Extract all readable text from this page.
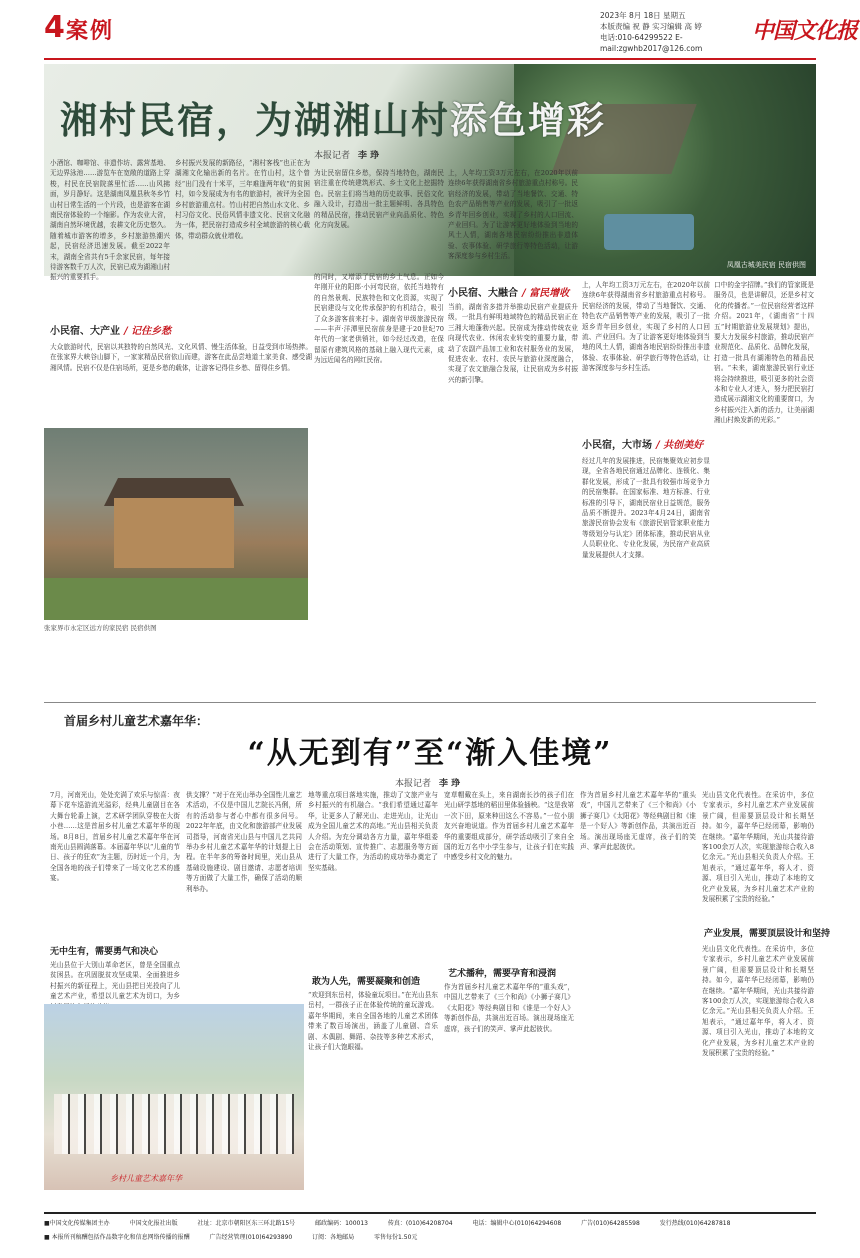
4 案例
2023年 8月 18日 星期五
本版责编 祝 静 实习编辑 高 婷
电话:010-64299522 E-mail:zgwhb2017@126.com
中国文化报
凤凰古城美民宿 民宿供图
湘村民宿，为湖湘山村添色增彩
本报记者 李 琤
小酒馆、咖啡馆、非遗作坊、露营基地、无边界泳池……游览车在宽敞的道路上穿梭，村民在民宿院落里忙活……山风拂面，岁月静好。这是湖南凤凰县秋冬乡竹山村日常生活的一个片段，也是游客在湖南民宿体验的一个缩影。作为农业大省，湖南自然环境优越，农耕文化历史悠久。随着城市游客的增多，乡村旅游热潮兴起，民宿经济迅速发展。截至2022年末，湖南全省共有5千余家民宿，每年接待游客数千万人次，民宿已成为湖湘山村振兴的重要抓手。
小民宿、大产业 / 记住乡愁
大众旅游时代，民宿以其独特的自然风光、文化风情、慢生活体验，日益受到市场热捧。在张家界大峡谷山脚下，一家家精品民宿依山而建，游客在此品尝地道土家美食、感受湖湘风情。民宿不仅是住宿场所，更是乡愁的载体，让游客记得住乡愁、留得住乡情。
乡村振兴发展的新路径，“湘村客栈”也正在为湖湘文化输出新的名片。在竹山村，这个曾经“出门没有十米平，三年难逢两年收”的贫困村，如今发展成为有名的旅游村，被评为全国乡村旅游重点村。竹山村把自然山水文化、乡村习俗文化、民俗风情非遗文化、民宿文化融为一体，把民宿打造成乡村全域旅游的核心载体，带动群众就业增收。
张家界市永定区远方的家民宿 民宿供图
为让民宿留住乡愁，保持当地特色，湖南民宿注重在传统建筑形式、乡土文化上挖掘特色。民宿主们将当地的历史故事、民俗文化融入设计，打造出一批主题鲜明、各具特色的精品民宿，推动民宿产业向品质化、特色化方向发展。
的同时，又增添了民宿的乡土气息。正如今年刚开业的阳郎·小河弯民宿，依托当地特有的自然景观、民族特色和文化资源，实现了民宿建设与文化传承保护的有机结合，吸引了众多游客前来打卡。湖南省甲级旅游民宿——丰声·洋潭里民宿前身是建于20世纪70年代的一家老供销社，如今经过改造，在保留原有建筑风格的基础上融入现代元素，成为远近闻名的网红民宿。
小民宿、大融合 / 富民增收
上，人年均工资3万元左右，在2020年以前连续6年获得湖南省乡村旅游重点村称号。民宿经济的发展，带动了当地餐饮、交通、特色农产品销售等产业的发展，吸引了一批返乡青年回乡创业，实现了乡村的人口回流、产业回归。为了让游客更好地体验到当地的风土人情，湖南各地民宿纷纷推出非遗体验、农事体验、研学旅行等特色活动，让游客深度参与乡村生活。
当前，湖南省多措并举推动民宿产业提质升级，一批具有鲜明地域特色的精品民宿正在三湘大地蓬勃兴起。民宿成为推动传统农业向现代农业、休闲农业转变的重要力量，带动了农副产品加工业和农村服务业的发展，促进农业、农村、农民与旅游业深度融合，实现了农文旅融合发展，让民宿成为乡村振兴的新引擎。
小民宿，大市场 / 共创美好
上，人年均工资3万元左右，在2020年以前连续6年获得湖南省乡村旅游重点村称号。民宿经济的发展，带动了当地餐饮、交通、特色农产品销售等产业的发展，吸引了一批返乡青年回乡创业，实现了乡村的人口回流、产业回归。为了让游客更好地体验到当地的风土人情，湖南各地民宿纷纷推出非遗体验、农事体验、研学旅行等特色活动，让游客深度参与乡村生活。
经过几年的发展推进，民宿集聚效应初步显现，全省各地民宿通过品牌化、连锁化、集群化发展，形成了一批具有较强市场竞争力的民宿集群。在国家标准、地方标准、行业标准的引导下，湖南民宿业日益规范，服务品质不断提升。2023年4月24日，湖南省旅游民宿协会发布《旅游民宿管家职业能力等级划分与认定》团体标准，推动民宿从业人员职业化、专业化发展，为民宿产业高质量发展提供人才支撑。
口中的金字招牌。”我们的管家既是服务员，也是讲解员，还是乡村文化的传播者。”一位民宿经营者这样介绍。2021年，《湖南省“十四五”时期旅游业发展规划》提出，要大力发展乡村旅游，推动民宿产业规范化、品质化、品牌化发展，打造一批具有湖湘特色的精品民宿。“未来，湖南旅游民宿行业还将会持续推进，吸引更多的社会资本和专业人才进入，努力把民宿打造成展示湖湘文化的重要窗口，为乡村振兴注入新的活力，让美丽湖湘山村焕发新的光彩。”
首届乡村儿童艺术嘉年华：
“从无到有”至“渐入佳境”
本报记者 李 琤
7月，河南光山，处处充满了欢乐与惊喜：夜幕下花车巡游流光溢彩，经典儿童剧目在各大舞台轮番上演，艺术研学团队穿梭在大街小巷……这是首届乡村儿童艺术嘉年华的现场。8月8日，首届乡村儿童艺术嘉年华在河南光山县圆满落幕。本届嘉年华以“儿童的节日、孩子的狂欢”为主题，历时近一个月，为全国各地的孩子们带来了一场文化艺术的盛宴。
无中生有，需要勇气和决心
光山县位于大别山革命老区，曾是全国重点贫困县。在巩固脱贫攻坚成果、全面推进乡村振兴的新征程上，光山县把目光投向了儿童艺术产业，希望以儿童艺术为切口，为乡
供支撑？”对于在光山举办全国性儿童艺术活动，不仅是中国儿艺院长冯俐，所有的活动参与者心中都有很多问号。2022年年底，由文化和旅游部产业发展司指导，河南省光山县与中国儿艺共同举办乡村儿童艺术嘉年华的计划提上日程。在半年多的筹备时间里，光山县从基础设施建设、剧目邀请、志愿者培训等方面做了大量工作，确保了活动的顺利举办。
乡村儿童艺术嘉年华
地等重点项目落地实施，推动了文旅产业与乡村振兴的有机融合。“我们希望通过嘉年华，让更多人了解光山、走进光山，让光山成为全国儿童艺术的高地。”光山县相关负责人介绍。为充分调动各方力量，嘉年华组委会在活动策划、宣传推广、志愿服务等方面进行了大量工作，为活动的成功举办奠定了坚实基础。
敢为人先，需要凝聚和创造
“欢迎到东岳村，体验童玩项目。”在光山县东岳村，一群孩子正在体验传统的童玩游戏。嘉年华期间，来自全国各地的儿童艺术团体带来了数百场演出，涵盖了儿童剧、音乐剧、木偶剧、舞蹈、杂技等多种艺术形式，让孩子们大饱眼福。
宽草帽戴在头上，来自湖南长沙的孩子们在光山研学基地的稻田里体验插秧。“这是我第一次下田，原来种田这么不容易。”一位小朋友兴奋地说道。作为首届乡村儿童艺术嘉年华的重要组成部分，研学活动吸引了来自全国的近万名中小学生参与，让孩子们在实践中感受乡村文化的魅力。
艺术播种，需要孕育和浸润
作为首届乡村儿童艺术嘉年华的“重头戏”，中国儿艺带来了《三个和尚》《小狮子赛几》《太阳花》等经典剧目和《谁是一个好人》等新创作品，共演出近百场。演出现场座无虚席，孩子们的笑声、掌声此起彼伏。
作为首届乡村儿童艺术嘉年华的“重头戏”，中国儿艺带来了《三个和尚》《小狮子赛几》《太阳花》等经典剧目和《谁是一个好人》等新创作品，共演出近百场。演出现场座无虚席，孩子们的笑声、掌声此起彼伏。
产业发展，需要顶层设计和坚持
光山县文化代表性。在采访中，多位专家表示，乡村儿童艺术产业发展前景广阔，但需要顶层设计和长期坚持。如今，嘉年华已经闭幕，影响仍在继续。“嘉年华期间，光山共接待游客100余万人次，实现旅游综合收入8亿余元。”光山县相关负责人介绍。王旭表示，“通过嘉年华，将人才、资源、项目引入光山，推动了本地的文化产业发展，为乡村儿童艺术产业的发展积累了宝贵的经验。”
光山县文化代表性。在采访中，多位专家表示，乡村儿童艺术产业发展前景广阔，但需要顶层设计和长期坚持。如今，嘉年华已经闭幕，影响仍在继续。“嘉年华期间，光山共接待游客100余万人次，实现旅游综合收入8亿余元。”光山县相关负责人介绍。王旭表示，“通过嘉年华，将人才、资源、项目引入光山，推动了本地的文化产业发展，为乡村儿童艺术产业的发展积累了宝贵的经验。”
■中国文化传媒集团主办	中国文化报社出版	社址：北京市朝阳区东三环北路15号	邮政编码：100013	传真：(010)64208704	电话：编辑中心(010)64294608	广告(010)64285598	发行热线(010)64287818
■ 本报所刊稿酬包括作品数字化和信息网络传播的报酬	广告经营管理(010)64293890	订阅：各地邮局	零售每份1.50元
